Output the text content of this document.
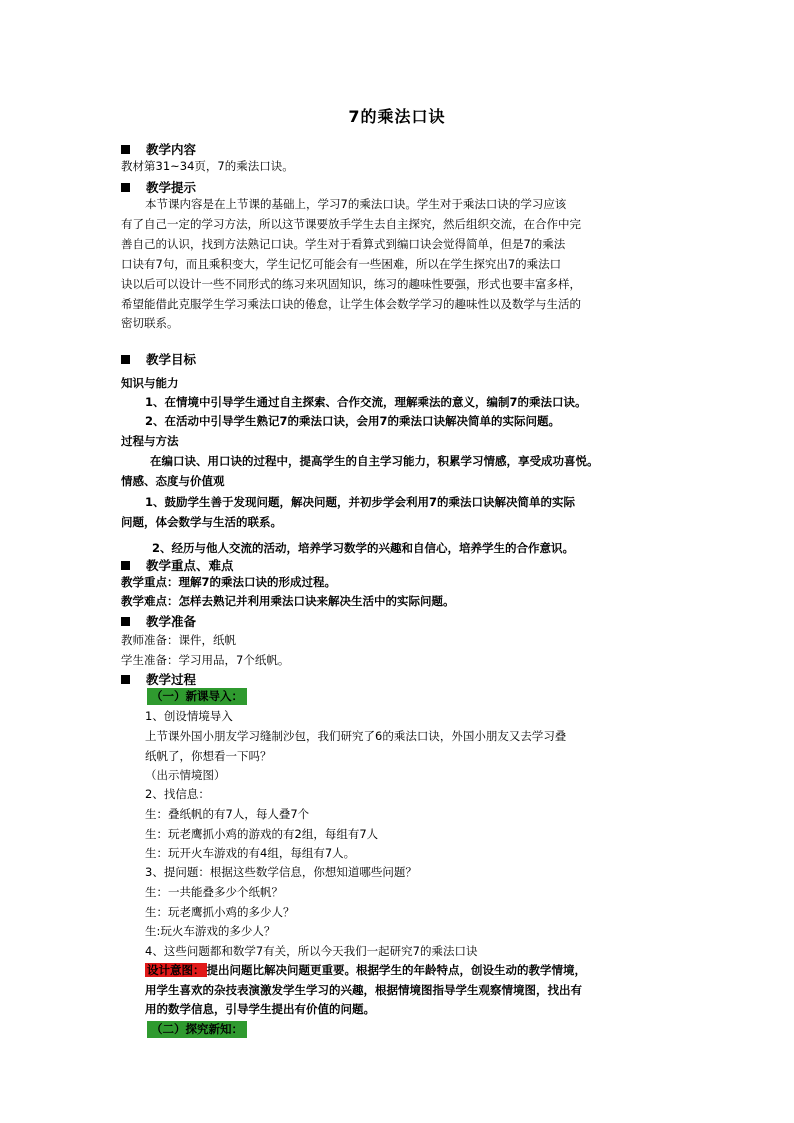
7的乘法口诀
教学内容
教材第31~34页，7的乘法口诀。
教学提示
本节课内容是在上节课的基础上，学习7的乘法口诀。学生对于乘法口诀的学习应该
有了自己一定的学习方法，所以这节课要放手学生去自主探究，然后组织交流，在合作中完
善自己的认识，找到方法熟记口诀。学生对于看算式到编口诀会觉得简单，但是7的乘法
口诀有7句，而且乘积变大，学生记忆可能会有一些困难，所以在学生探究出7的乘法口
诀以后可以设计一些不同形式的练习来巩固知识，练习的趣味性要强，形式也要丰富多样，
希望能借此克服学生学习乘法口诀的倦怠，让学生体会数学学习的趣味性以及数学与生活的
密切联系。
教学目标
知识与能力
1、在情境中引导学生通过自主探索、合作交流，理解乘法的意义，编制7的乘法口诀。
2、在活动中引导学生熟记7的乘法口诀，会用7的乘法口诀解决简单的实际问题。
过程与方法
在编口诀、用口诀的过程中，提高学生的自主学习能力，积累学习情感，享受成功喜悦。
情感、态度与价值观
1、鼓励学生善于发现问题，解决问题，并初步学会利用7的乘法口诀解决简单的实际
问题，体会数学与生活的联系。
2、经历与他人交流的活动，培养学习数学的兴趣和自信心，培养学生的合作意识。
教学重点、难点
教学重点：理解7的乘法口诀的形成过程。
教学难点：怎样去熟记并利用乘法口诀来解决生活中的实际问题。
教学准备
教师准备：课件，纸帆
学生准备：学习用品，7个纸帆。
教学过程
（一）新课导入：
1、创设情境导入
上节课外国小朋友学习缝制沙包，我们研究了6的乘法口诀，外国小朋友又去学习叠
纸帆了，你想看一下吗？
（出示情境图）
2、找信息：
生：叠纸帆的有7人，每人叠7个
生：玩老鹰抓小鸡的游戏的有2组，每组有7人
生：玩开火车游戏的有4组，每组有7人。
3、提问题：根据这些数学信息，你想知道哪些问题？
生：一共能叠多少个纸帆？
生：玩老鹰抓小鸡的多少人？
生:玩火车游戏的多少人？
4、这些问题都和数学7有关，所以今天我们一起研究7的乘法口诀
设计意图： 提出问题比解决问题更重要。根据学生的年龄特点，创设生动的教学情境，
用学生喜欢的杂技表演激发学生学习的兴趣，根据情境图指导学生观察情境图，找出有
用的数学信息，引导学生提出有价值的问题。
（二）探究新知：
